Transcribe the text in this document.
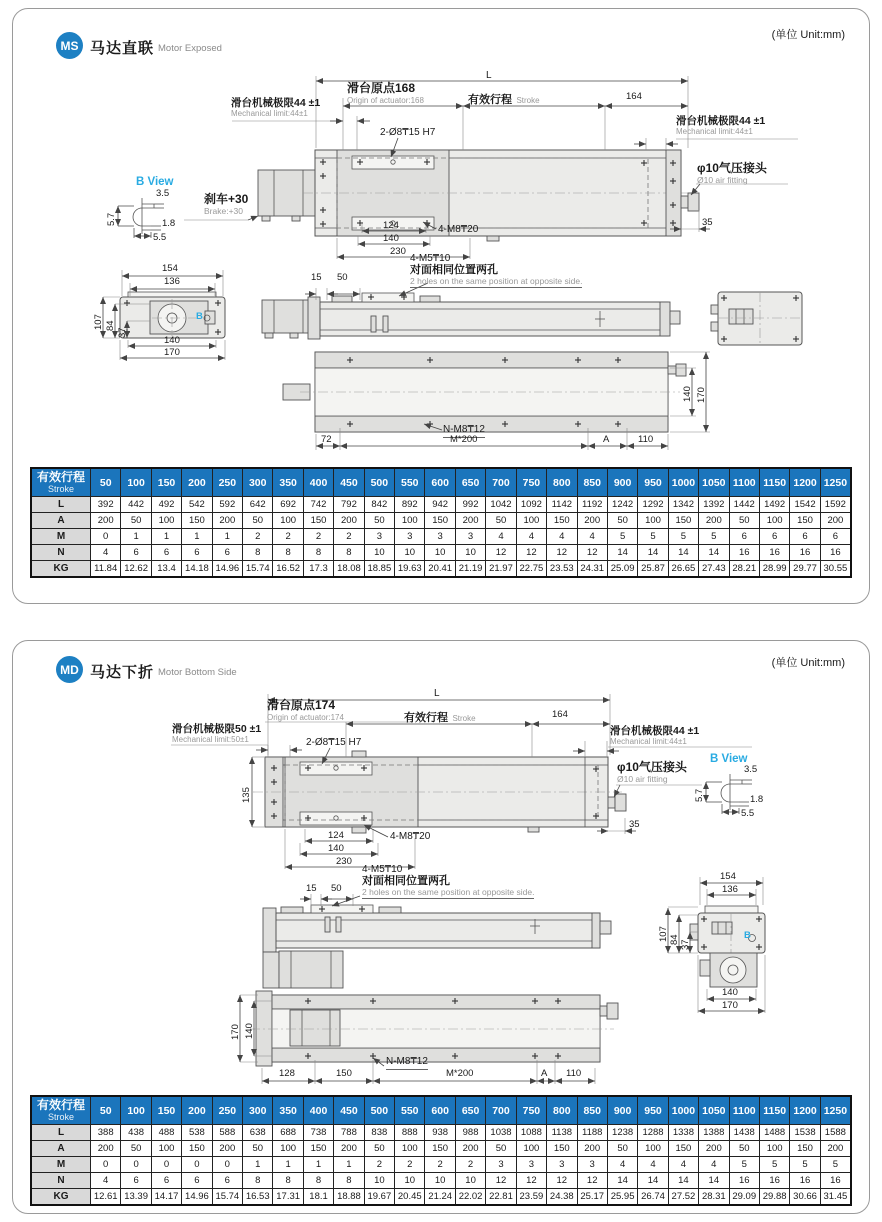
MS 马达直联 Motor Exposed
(单位 Unit:mm)
MD 马达下折 Motor Bottom Side
(单位 Unit:mm)
L
滑台原点168
Origin of actuator:168	有效行程 Stroke	164
滑台机械极限44 ±1
Mechanical limit:44±1
滑台机械极限44 ±1
Mechanical limit:44±1
2-Ø8₸15 H7
刹车+30
Brake:+30
B View
3.5
5.7	1.8
5.5
124
140
230
4-M8₸20
φ10气压接头
Ø10 air fitting
35
4-M5₸10
对面相同位置两孔
2 holes on the same position at opposite side.
15 50
154
136
107 84
37
140
170
B
N-M8₸12
72	M*200	A	110
140 170
有效行程
Stroke	50	100	150	200	250	300	350	400	450	500	550	600	650	700	750	800	850	900	950	1000	1050	1100	1150	1200	1250
L	392	442	492	542	592	642	692	742	792	842	892	942	992	1042	1092	1142	1192	1242	1292	1342	1392	1442	1492	1542	1592
A	200	50	100	150	200	50	100	150	200	50	100	150	200	50	100	150	200	50	100	150	200	50	100	150	200
M	0	1	1	1	1	2	2	2	2	3	3	3	3	4	4	4	4	5	5	5	5	6	6	6	6
N	4	6	6	6	6	8	8	8	8	10	10	10	10	12	12	12	12	14	14	14	14	16	16	16	16
KG	11.84	12.62	13.4	14.18	14.96	15.74	16.52	17.3	18.08	18.85	19.63	20.41	21.19	21.97	22.75	23.53	24.31	25.09	25.87	26.65	27.43	28.21	28.99	29.77	30.55
L
滑台原点174
Origin of actuator:174	有效行程 Stroke	164
滑台机械极限50 ±1
Mechanical limit:50±1
滑台机械极限44 ±1
Mechanical limit:44±1
2-Ø8₸15 H7
135
124
140
230
4-M8₸20
4-M5₸10
对面相同位置两孔
2 holes on the same position at opposite side.
15 50
φ10气压接头
Ø10 air fitting
35
B View
3.5
5.7	1.8
5.5
154
136
107 84 37
B
140
170
170 140
128	150	M*200	A 110
N-M8₸12
有效行程
Stroke	50	100	150	200	250	300	350	400	450	500	550	600	650	700	750	800	850	900	950	1000	1050	1100	1150	1200	1250
L	388	438	488	538	588	638	688	738	788	838	888	938	988	1038	1088	1138	1188	1238	1288	1338	1388	1438	1488	1538	1588
A	200	50	100	150	200	50	100	150	200	50	100	150	200	50	100	150	200	50	100	150	200	50	100	150	200
M	0	0	0	0	0	1	1	1	1	2	2	2	2	3	3	3	3	4	4	4	4	5	5	5	5
N	4	6	6	6	6	8	8	8	8	10	10	10	10	12	12	12	12	14	14	14	14	16	16	16	16
KG	12.61	13.39	14.17	14.96	15.74	16.53	17.31	18.1	18.88	19.67	20.45	21.24	22.02	22.81	23.59	24.38	25.17	25.95	26.74	27.52	28.31	29.09	29.88	30.66	31.45
